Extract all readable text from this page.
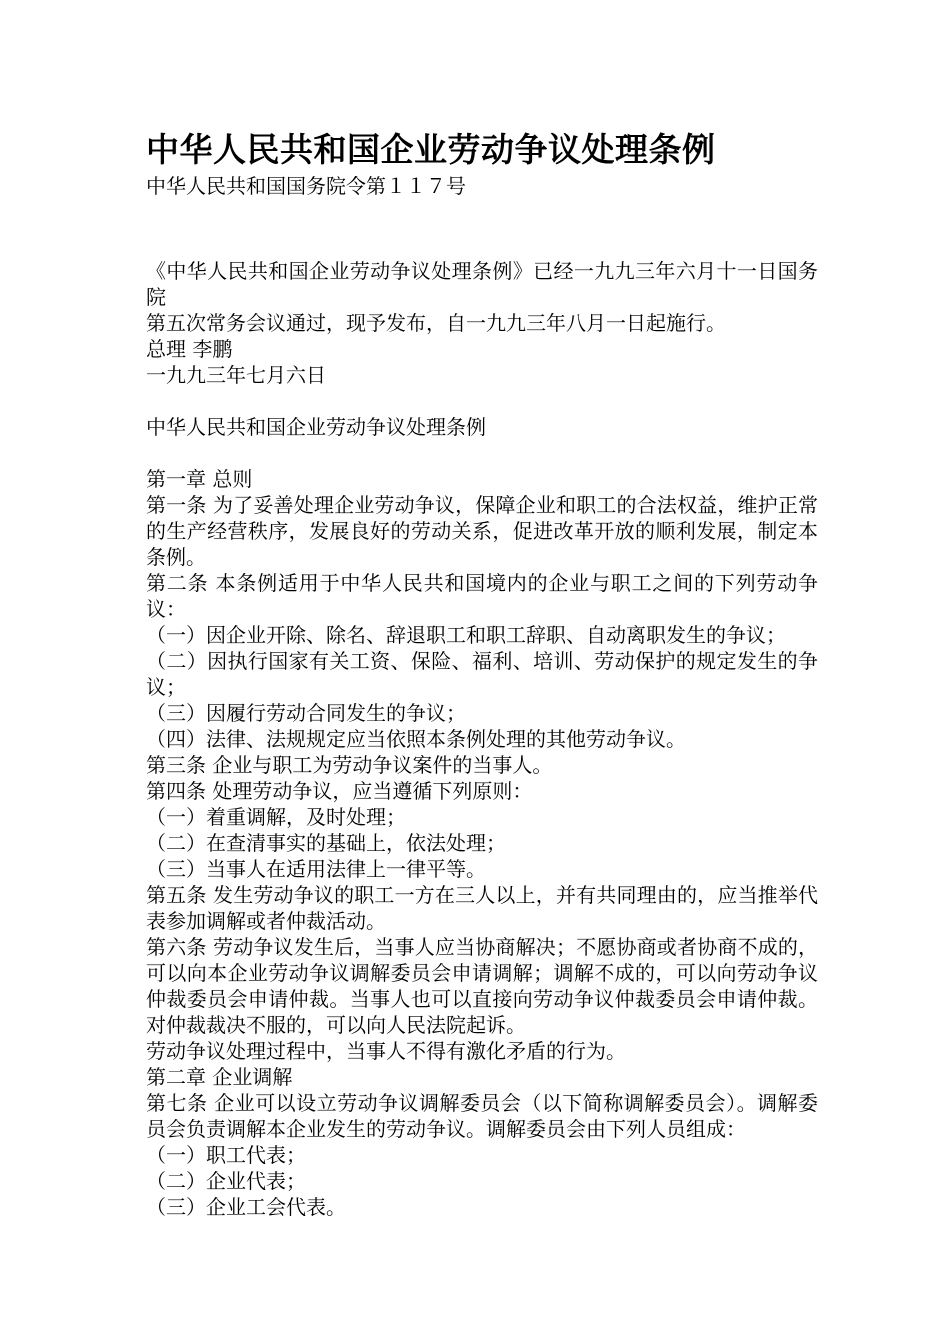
中华人民共和国企业劳动争议处理条例

中华人民共和国国务院令第１１７号

《中华人民共和国企业劳动争议处理条例》已经一九九三年六月十一日国务院

第五次常务会议通过，现予发布，自一九九三年八月一日起施行。

总理 李鹏

一九九三年七月六日

中华人民共和国企业劳动争议处理条例

第一章 总则

第一条 为了妥善处理企业劳动争议，保障企业和职工的合法权益，维护正常的生产经营秩序，发展良好的劳动关系，促进改革开放的顺利发展，制定本条例。

第二条 本条例适用于中华人民共和国境内的企业与职工之间的下列劳动争议：

（一）因企业开除、除名、辞退职工和职工辞职、自动离职发生的争议；

（二）因执行国家有关工资、保险、福利、培训、劳动保护的规定发生的争议；

（三）因履行劳动合同发生的争议；

（四）法律、法规规定应当依照本条例处理的其他劳动争议。

第三条 企业与职工为劳动争议案件的当事人。

第四条 处理劳动争议，应当遵循下列原则：

（一）着重调解，及时处理；

（二）在查清事实的基础上，依法处理；

（三）当事人在适用法律上一律平等。

第五条 发生劳动争议的职工一方在三人以上，并有共同理由的，应当推举代表参加调解或者仲裁活动。

第六条 劳动争议发生后，当事人应当协商解决；不愿协商或者协商不成的，可以向本企业劳动争议调解委员会申请调解；调解不成的，可以向劳动争议仲裁委员会申请仲裁。当事人也可以直接向劳动争议仲裁委员会申请仲裁。对仲裁裁决不服的，可以向人民法院起诉。

劳动争议处理过程中，当事人不得有激化矛盾的行为。

第二章 企业调解

第七条 企业可以设立劳动争议调解委员会（以下简称调解委员会）。调解委员会负责调解本企业发生的劳动争议。调解委员会由下列人员组成：

（一）职工代表；

（二）企业代表；

（三）企业工会代表。
